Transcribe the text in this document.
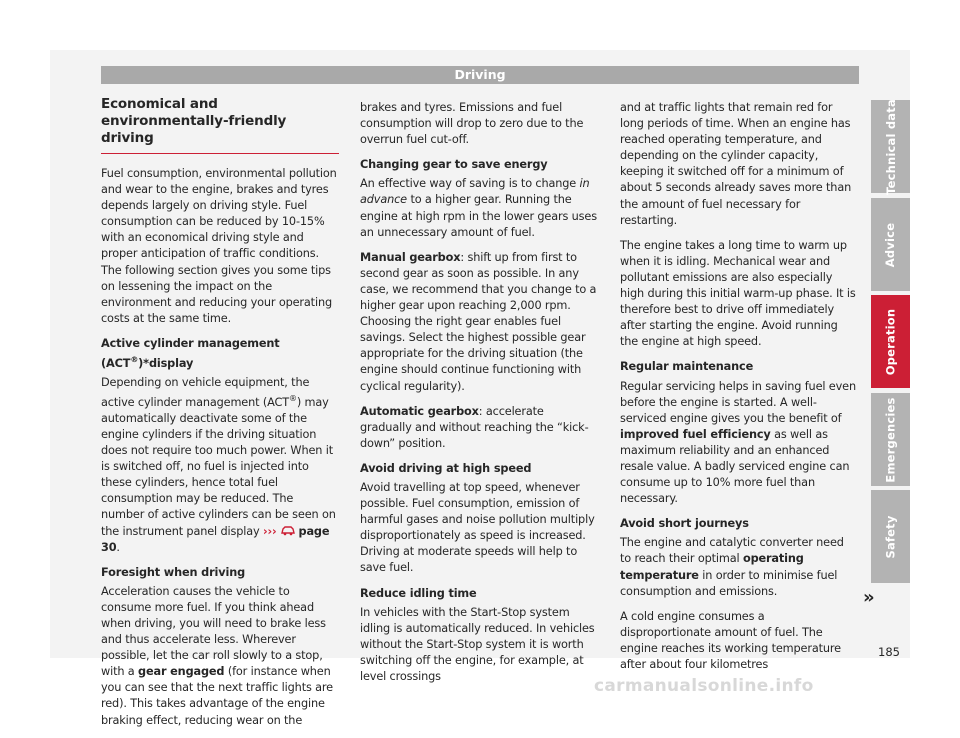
Driving
Economical and environmentally-friendly driving

Fuel consumption, environmental pollution and wear to the engine, brakes and tyres depends largely on driving style. Fuel consumption can be reduced by 10-15% with an economical driving style and proper anticipation of traffic conditions. The following section gives you some tips on lessening the impact on the environment and reducing your operating costs at the same time.

Active cylinder management (ACT®)*display

Depending on vehicle equipment, the active cylinder management (ACT®) may automatically deactivate some of the engine cylinders if the driving situation does not require too much power. When it is switched off, no fuel is injected into these cylinders, hence total fuel consumption may be reduced. The number of active cylinders can be seen on the instrument panel display ››› page 30.

Foresight when driving

Acceleration causes the vehicle to consume more fuel. If you think ahead when driving, you will need to brake less and thus accelerate less. Wherever possible, let the car roll slowly to a stop, with a gear engaged (for instance when you can see that the next traffic lights are red). This takes advantage of the engine braking effect, reducing wear on the

brakes and tyres. Emissions and fuel consumption will drop to zero due to the overrun fuel cut-off.

Changing gear to save energy

An effective way of saving is to change in advance to a higher gear. Running the engine at high rpm in the lower gears uses an unnecessary amount of fuel.

Manual gearbox: shift up from first to second gear as soon as possible. In any case, we recommend that you change to a higher gear upon reaching 2,000 rpm. Choosing the right gear enables fuel savings. Select the highest possible gear appropriate for the driving situation (the engine should continue functioning with cyclical regularity).

Automatic gearbox: accelerate gradually and without reaching the “kick-down” position.

Avoid driving at high speed

Avoid travelling at top speed, whenever possible. Fuel consumption, emission of harmful gases and noise pollution multiply disproportionately as speed is increased. Driving at moderate speeds will help to save fuel.

Reduce idling time

In vehicles with the Start-Stop system idling is automatically reduced. In vehicles without the Start-Stop system it is worth switching off the engine, for example, at level crossings

and at traffic lights that remain red for long periods of time. When an engine has reached operating temperature, and depending on the cylinder capacity, keeping it switched off for a minimum of about 5 seconds already saves more than the amount of fuel necessary for restarting.

The engine takes a long time to warm up when it is idling. Mechanical wear and pollutant emissions are also especially high during this initial warm-up phase. It is therefore best to drive off immediately after starting the engine. Avoid running the engine at high speed.

Regular maintenance

Regular servicing helps in saving fuel even before the engine is started. A well-serviced engine gives you the benefit of improved fuel efficiency as well as maximum reliability and an enhanced resale value. A badly serviced engine can consume up to 10% more fuel than necessary.

Avoid short journeys

The engine and catalytic converter need to reach their optimal operating temperature in order to minimise fuel consumption and emissions.

A cold engine consumes a disproportionate amount of fuel. The engine reaches its working temperature after about four kilometres

Technical data
Advice
Operation
Emergencies
Safety
»
185
carmanualsonline.info
